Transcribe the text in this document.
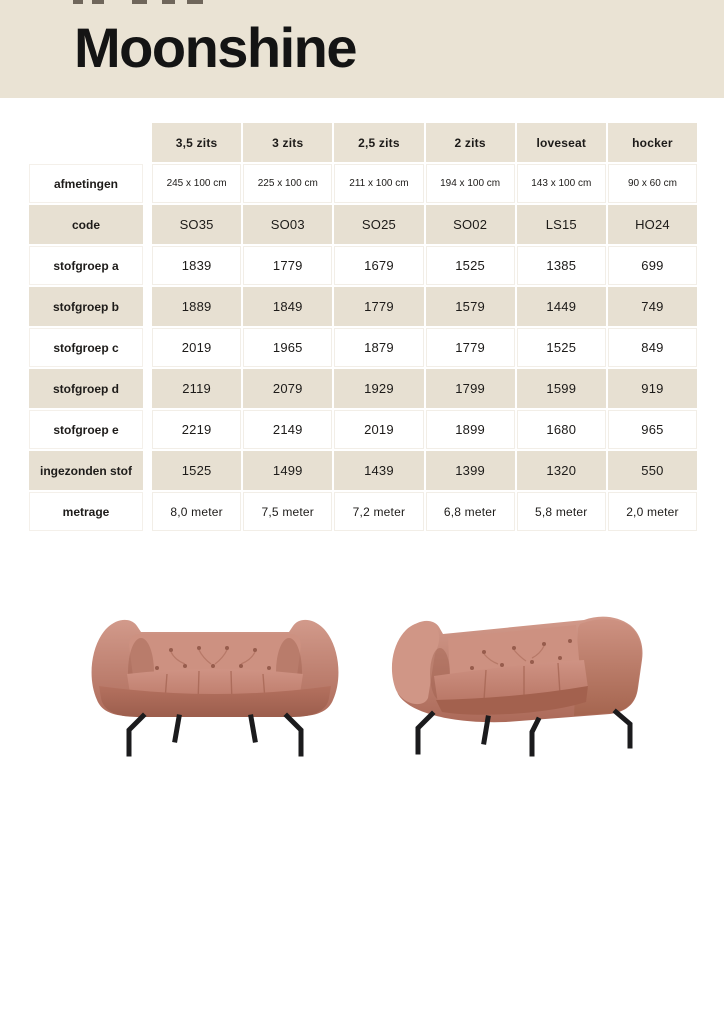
Moonshine
3,5 zits	3 zits	2,5 zits	2 zits	loveseat	hocker
afmetingen	245 x 100 cm	225 x 100 cm	211 x 100 cm	194 x 100 cm	143 x 100 cm	90 x 60 cm
code	SO35	SO03	SO25	SO02	LS15	HO24
stofgroep a	1839	1779	1679	1525	1385	699
stofgroep b	1889	1849	1779	1579	1449	749
stofgroep c	2019	1965	1879	1779	1525	849
stofgroep d	2119	2079	1929	1799	1599	919
stofgroep e	2219	2149	2019	1899	1680	965
ingezonden stof	1525	1499	1439	1399	1320	550
metrage	8,0 meter	7,5 meter	7,2 meter	6,8 meter	5,8 meter	2,0 meter
